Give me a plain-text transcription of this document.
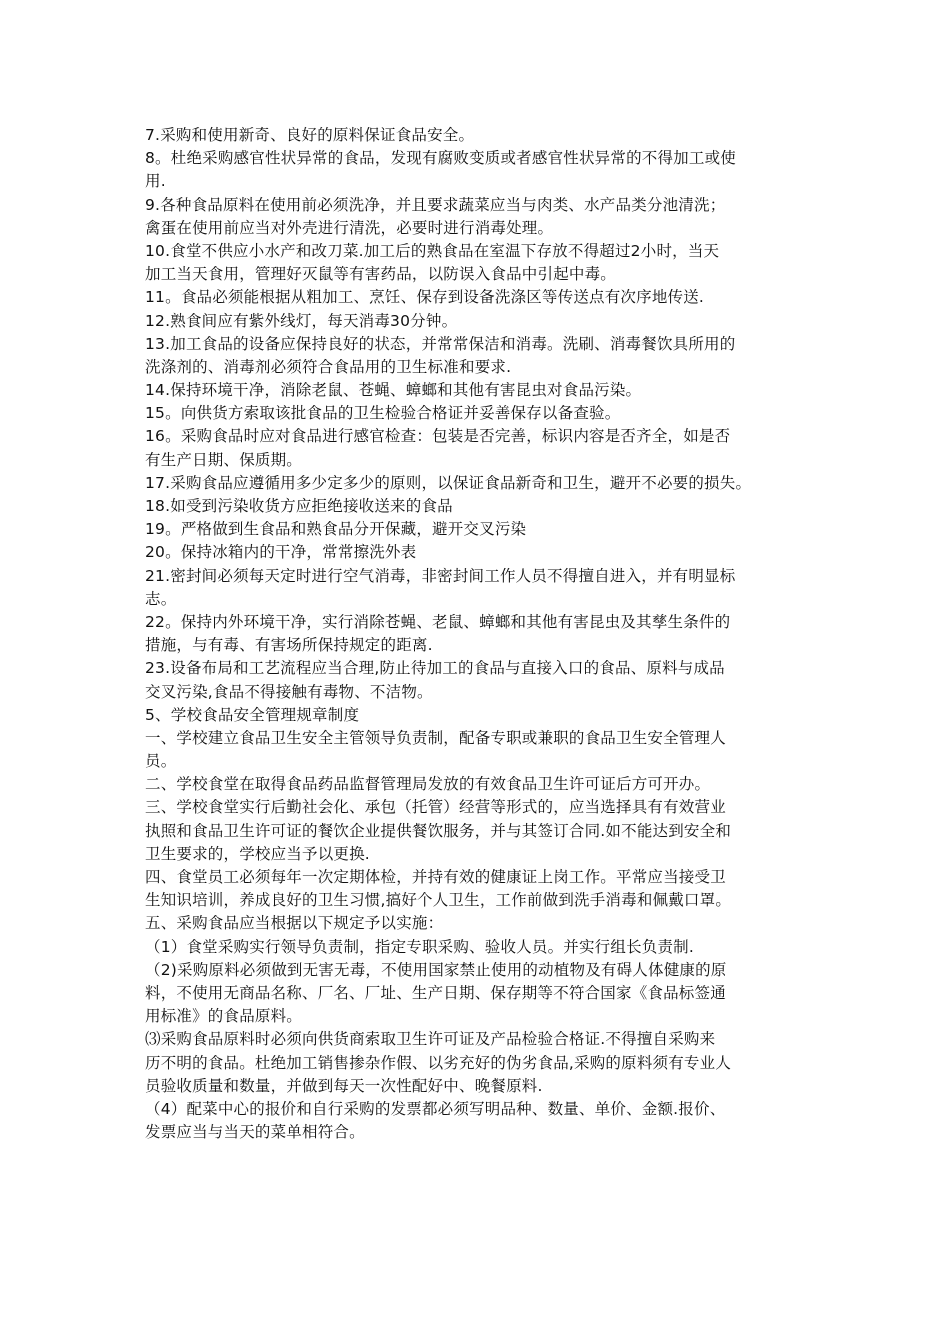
7.采购和使用新奇、良好的原料保证食品安全。
8。杜绝采购感官性状异常的食品，发现有腐败变质或者感官性状异常的不得加工或使
用.
9.各种食品原料在使用前必须洗净，并且要求蔬菜应当与肉类、水产品类分池清洗；
禽蛋在使用前应当对外壳进行清洗，必要时进行消毒处理。
10.食堂不供应小水产和改刀菜.加工后的熟食品在室温下存放不得超过2小时，当天
加工当天食用，管理好灭鼠等有害药品，以防误入食品中引起中毒。
11。食品必须能根据从粗加工、烹饪、保存到设备洗涤区等传送点有次序地传送.
12.熟食间应有紫外线灯，每天消毒30分钟。
13.加工食品的设备应保持良好的状态，并常常保洁和消毒。洗刷、消毒餐饮具所用的
洗涤剂的、消毒剂必须符合食品用的卫生标准和要求.
14.保持环境干净，消除老鼠、苍蝇、蟑螂和其他有害昆虫对食品污染。
15。向供货方索取该批食品的卫生检验合格证并妥善保存以备查验。
16。采购食品时应对食品进行感官检查：包装是否完善，标识内容是否齐全，如是否
有生产日期、保质期。
17.采购食品应遵循用多少定多少的原则，以保证食品新奇和卫生，避开不必要的损失。
18.如受到污染收货方应拒绝接收送来的食品
19。严格做到生食品和熟食品分开保藏，避开交叉污染
20。保持冰箱内的干净，常常擦洗外表
21.密封间必须每天定时进行空气消毒，非密封间工作人员不得擅自进入，并有明显标
志。
22。保持内外环境干净，实行消除苍蝇、老鼠、蟑螂和其他有害昆虫及其孳生条件的
措施，与有毒、有害场所保持规定的距离.
23.设备布局和工艺流程应当合理,防止待加工的食品与直接入口的食品、原料与成品
交叉污染,食品不得接触有毒物、不洁物。
5、学校食品安全管理规章制度
一、学校建立食品卫生安全主管领导负责制，配备专职或兼职的食品卫生安全管理人
员。
二、学校食堂在取得食品药品监督管理局发放的有效食品卫生许可证后方可开办。
三、学校食堂实行后勤社会化、承包（托管）经营等形式的，应当选择具有有效营业
执照和食品卫生许可证的餐饮企业提供餐饮服务，并与其签订合同.如不能达到安全和
卫生要求的，学校应当予以更换.
四、食堂员工必须每年一次定期体检，并持有效的健康证上岗工作。平常应当接受卫
生知识培训，养成良好的卫生习惯,搞好个人卫生，工作前做到洗手消毒和佩戴口罩。
五、采购食品应当根据以下规定予以实施：
（1）食堂采购实行领导负责制，指定专职采购、验收人员。并实行组长负责制.
（2)采购原料必须做到无害无毒，不使用国家禁止使用的动植物及有碍人体健康的原
料，不使用无商品名称、厂名、厂址、生产日期、保存期等不符合国家《食品标签通
用标准》的食品原料。
⑶采购食品原料时必须向供货商索取卫生许可证及产品检验合格证.不得擅自采购来
历不明的食品。杜绝加工销售掺杂作假、以劣充好的伪劣食品,采购的原料须有专业人
员验收质量和数量，并做到每天一次性配好中、晚餐原料.
（4）配菜中心的报价和自行采购的发票都必须写明品种、数量、单价、金额.报价、
发票应当与当天的菜单相符合。
